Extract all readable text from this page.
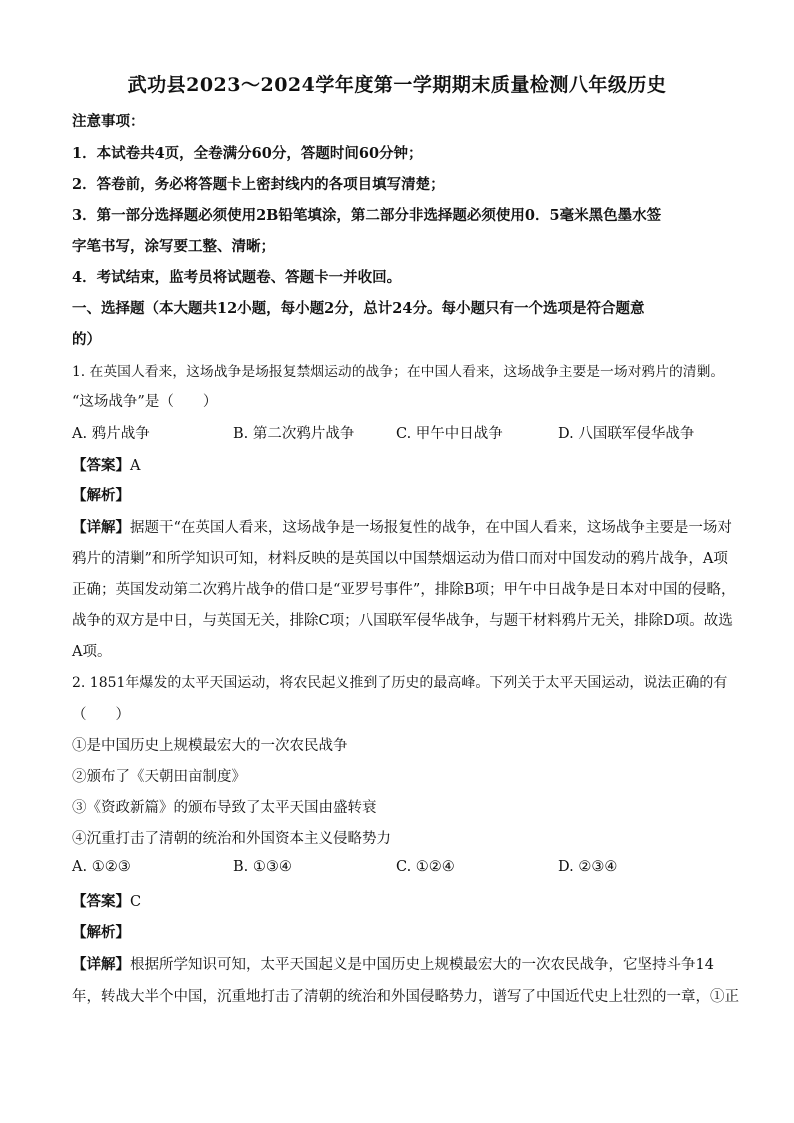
武功县2023～2024学年度第一学期期末质量检测八年级历史
注意事项：
1．本试卷共4页，全卷满分60分，答题时间60分钟；
2．答卷前，务必将答题卡上密封线内的各项目填写清楚；
3．第一部分选择题必须使用2B铅笔填涂，第二部分非选择题必须使用0．5毫米黑色墨水签
字笔书写，涂写要工整、清晰；
4．考试结束，监考员将试题卷、答题卡一并收回。
一、选择题（本大题共12小题，每小题2分，总计24分。每小题只有一个选项是符合题意
的）
1. 在英国人看来，这场战争是场报复禁烟运动的战争；在中国人看来，这场战争主要是一场对鸦片的清剿。
“这场战争”是（　　）
A. 鸦片战争	B. 第二次鸦片战争	C. 甲午中日战争	D. 八国联军侵华战争
【答案】A
【解析】
【详解】据题干“在英国人看来，这场战争是一场报复性的战争，在中国人看来，这场战争主要是一场对
鸦片的清剿”和所学知识可知，材料反映的是英国以中国禁烟运动为借口而对中国发动的鸦片战争，A项
正确；英国发动第二次鸦片战争的借口是“亚罗号事件”，排除B项；甲午中日战争是日本对中国的侵略，
战争的双方是中日，与英国无关，排除C项；八国联军侵华战争，与题干材料鸦片无关，排除D项。故选
A项。
2. 1851年爆发的太平天国运动，将农民起义推到了历史的最高峰。下列关于太平天国运动，说法正确的有
（　　）
①是中国历史上规模最宏大的一次农民战争
②颁布了《天朝田亩制度》
③《资政新篇》的颁布导致了太平天国由盛转衰
④沉重打击了清朝的统治和外国资本主义侵略势力
A. ①②③	B. ①③④	C. ①②④	D. ②③④
【答案】C
【解析】
【详解】根据所学知识可知，太平天国起义是中国历史上规模最宏大的一次农民战争，它坚持斗争14
年，转战大半个中国，沉重地打击了清朝的统治和外国侵略势力，谱写了中国近代史上壮烈的一章，①正
